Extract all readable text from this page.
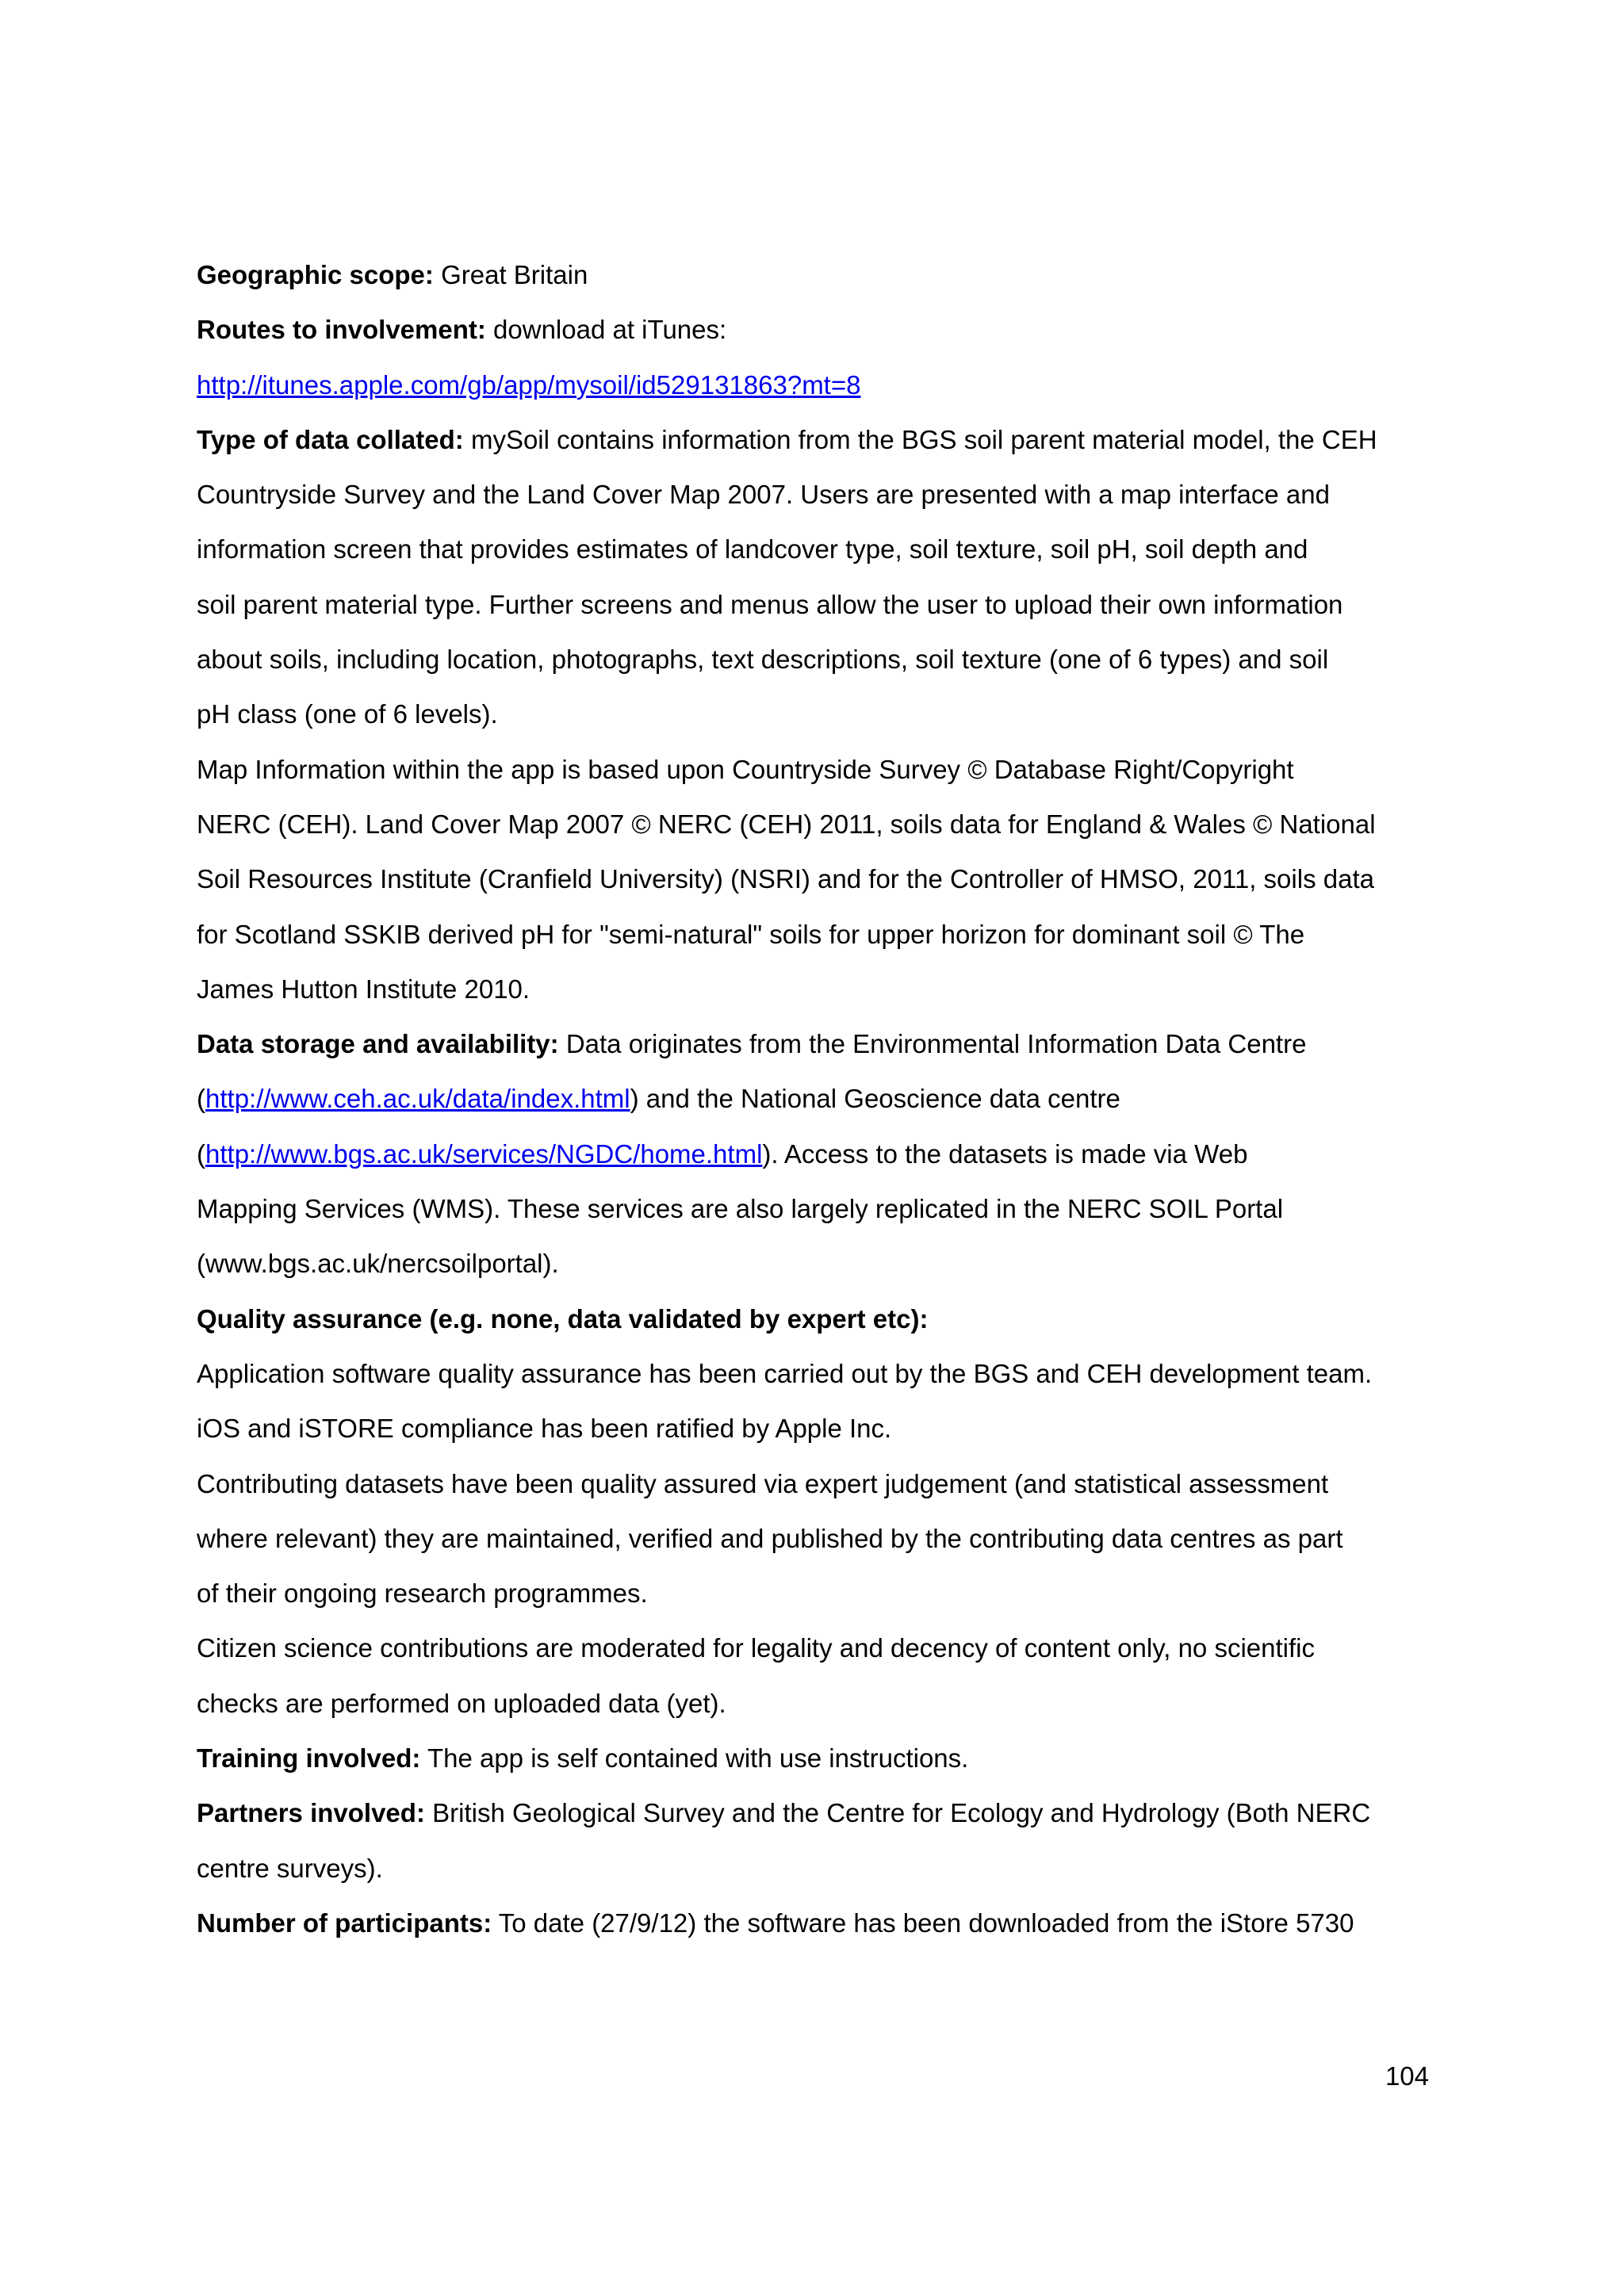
Geographic scope: Great Britain
Routes to involvement: download at iTunes:
http://itunes.apple.com/gb/app/mysoil/id529131863?mt=8
Type of data collated: mySoil contains information from the BGS soil parent material model, the CEH
Countryside Survey and the Land Cover Map 2007. Users are presented with a map interface and
information screen that provides estimates of landcover type, soil texture, soil pH, soil depth and
soil parent material type. Further screens and menus allow the user to upload their own information
about soils, including location, photographs, text descriptions, soil texture (one of 6 types) and soil
pH class (one of 6 levels).
Map Information within the app is based upon Countryside Survey © Database Right/Copyright
NERC (CEH). Land Cover Map 2007 © NERC (CEH) 2011, soils data for England & Wales © National
Soil Resources Institute (Cranfield University) (NSRI) and for the Controller of HMSO, 2011, soils data
for Scotland SSKIB derived pH for "semi-natural" soils for upper horizon for dominant soil © The
James Hutton Institute 2010.
Data storage and availability: Data originates from the Environmental Information Data Centre
(http://www.ceh.ac.uk/data/index.html) and the National Geoscience data centre
(http://www.bgs.ac.uk/services/NGDC/home.html). Access to the datasets is made via Web
Mapping Services (WMS). These services are also largely replicated in the NERC SOIL Portal
(www.bgs.ac.uk/nercsoilportal).
Quality assurance (e.g. none, data validated by expert etc):
Application software quality assurance has been carried out by the BGS and CEH development team.
iOS and iSTORE compliance has been ratified by Apple Inc.
Contributing datasets have been quality assured via expert judgement (and statistical assessment
where relevant) they are maintained, verified and published by the contributing data centres as part
of their ongoing research programmes.
Citizen science contributions are moderated for legality and decency of content only, no scientific
checks are performed on uploaded data (yet).
Training involved: The app is self contained with use instructions.
Partners involved: British Geological Survey and the Centre for Ecology and Hydrology (Both NERC
centre surveys).
Number of participants: To date (27/9/12) the software has been downloaded from the iStore 5730
104
